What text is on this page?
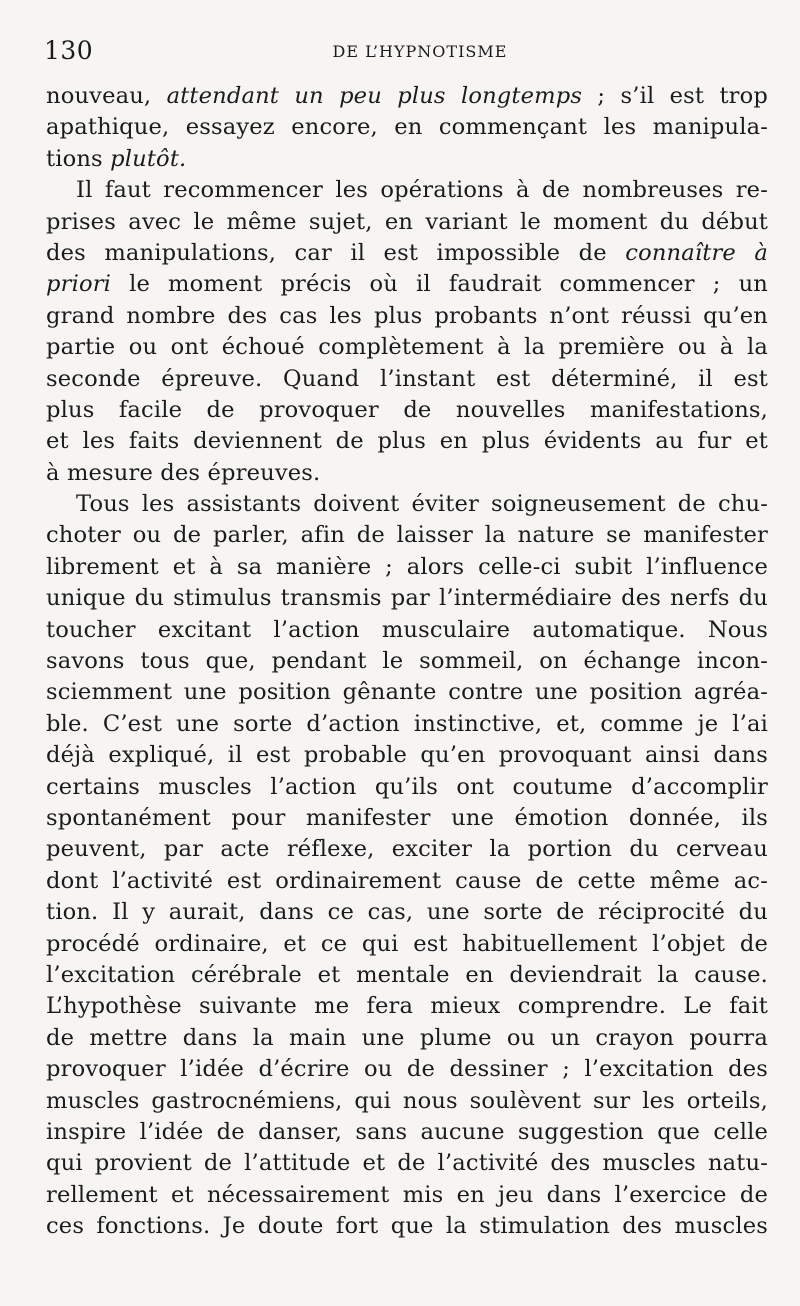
130	DE L’HYPNOTISME
nouveau, attendant un peu plus longtemps ; s’il est trop
apathique, essayez encore, en commençant les manipula-
tions plutôt.
Il faut recommencer les opérations à de nombreuses re-
prises avec le même sujet, en variant le moment du début
des manipulations, car il est impossible de connaître à
priori le moment précis où il faudrait commencer ; un
grand nombre des cas les plus probants n’ont réussi qu’en
partie ou ont échoué complètement à la première ou à la
seconde épreuve. Quand l’instant est déterminé, il est
plus facile de provoquer de nouvelles manifestations,
et les faits deviennent de plus en plus évidents au fur et
à mesure des épreuves.
Tous les assistants doivent éviter soigneusement de chu-
choter ou de parler, afin de laisser la nature se manifester
librement et à sa manière ; alors celle-ci subit l’influence
unique du stimulus transmis par l’intermédiaire des nerfs du
toucher excitant l’action musculaire automatique. Nous
savons tous que, pendant le sommeil, on échange incon-
sciemment une position gênante contre une position agréa-
ble. C’est une sorte d’action instinctive, et, comme je l’ai
déjà expliqué, il est probable qu’en provoquant ainsi dans
certains muscles l’action qu’ils ont coutume d’accomplir
spontanément pour manifester une émotion donnée, ils
peuvent, par acte réflexe, exciter la portion du cerveau
dont l’activité est ordinairement cause de cette même ac-
tion. Il y aurait, dans ce cas, une sorte de réciprocité du
procédé ordinaire, et ce qui est habituellement l’objet de
l’excitation cérébrale et mentale en deviendrait la cause.
L’hypothèse suivante me fera mieux comprendre. Le fait
de mettre dans la main une plume ou un crayon pourra
provoquer l’idée d’écrire ou de dessiner ; l’excitation des
muscles gastrocnémiens, qui nous soulèvent sur les orteils,
inspire l’idée de danser, sans aucune suggestion que celle
qui provient de l’attitude et de l’activité des muscles natu-
rellement et nécessairement mis en jeu dans l’exercice de
ces fonctions. Je doute fort que la stimulation des muscles
